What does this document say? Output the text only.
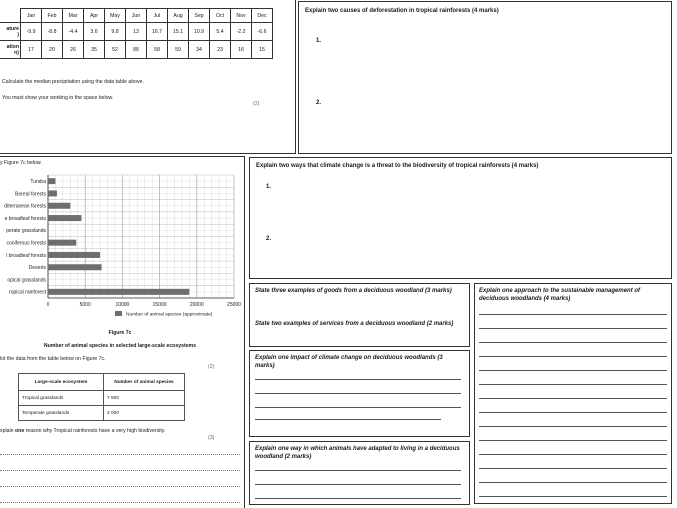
	Jan	Feb	Mar	Apr	May	Jun	Jul	Aug	Sep	Oct	Nov	Dec
ature
)	-9.9	-8.8	-4.4	3.6	9.8	13	16.7	15.1	10.9	5.4	-2.2	-6.6
ation
n)	17	20	26	35	52	88	58	59	34	23	16	15
Calculate the median precipitation using the data table above.
You must show your working in the space below.
(2)
Explain two causes of deforestation in tropical rainforests (4 marks)
1.
2.
y Figure 7c below.
Tundra
Boreal forests
diterranean forests
e broadleaf forests
perate grasslands
coniferous forests
l broadleaf forests
Deserts
opical grasslands
ropical rainforest
0	5000	10000	15000	20000	25000
Number of animal species (approximate)
Figure 7c
Number of animal species in selected large-scale ecosystems
lot the data from the table below on Figure 7c.
(2)
Large-scale ecosystem	Number of animal species
Tropical grasslands	7 500
Temperate grasslands	4 000
xplain one reason why Tropical rainforests have a very high biodiversity.
(3)
Explain two ways that climate change is a threat to the biodiversity of tropical rainforests (4 marks)
1.
2.
State three examples of goods from a deciduous woodland (3 marks)
State two examples of services from a deciduous woodland (2 marks)
Explain one approach to the sustainable management of deciduous woodlands (4 marks)
Explain one impact of climate change on deciduous woodlands (3 marks)
Explain one way in which animals have adapted to living in a deciduous woodland (2 marks)
